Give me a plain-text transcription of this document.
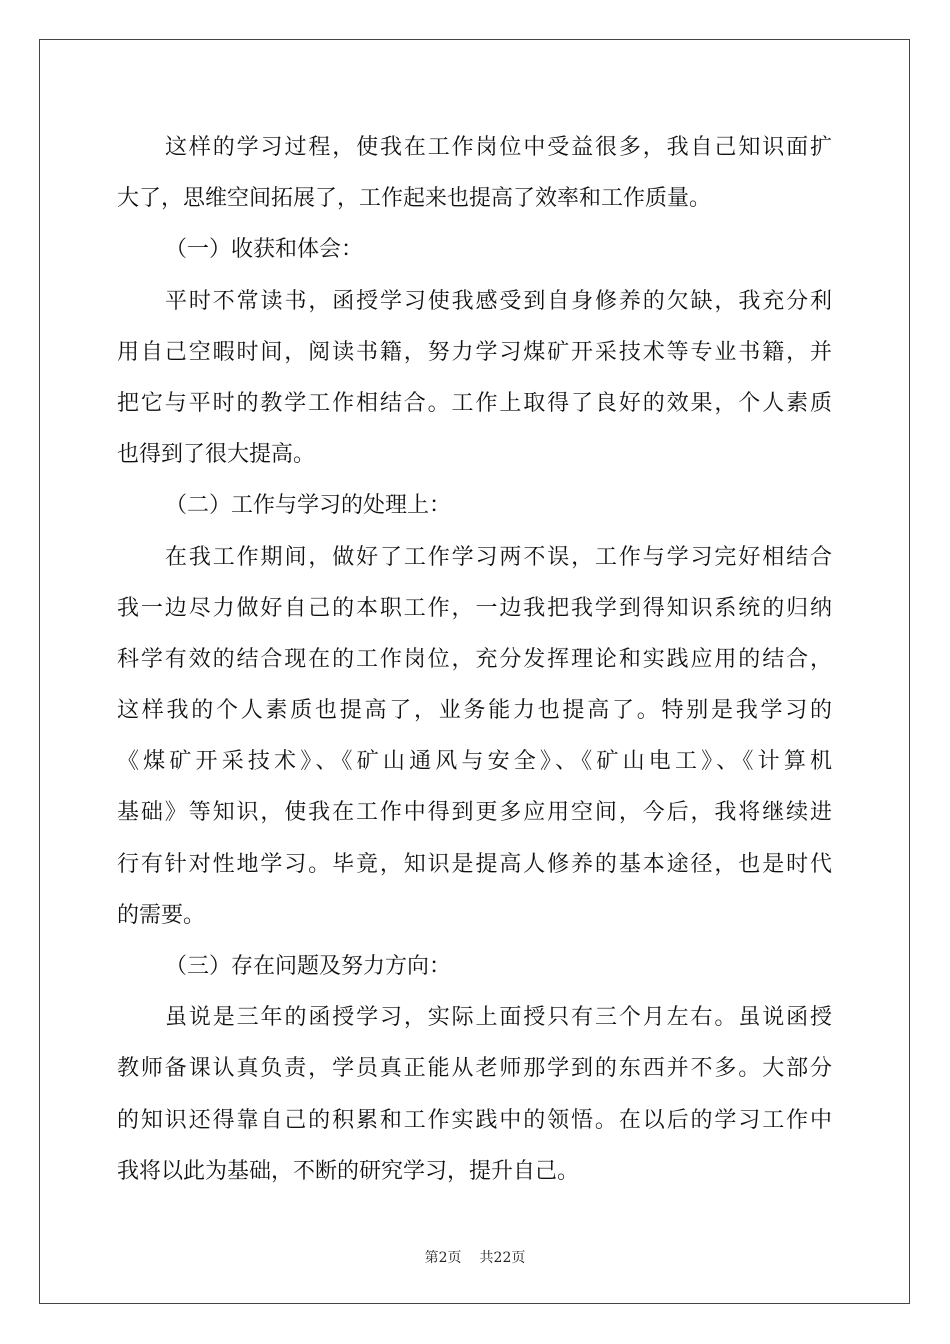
这样的学习过程，使我在工作岗位中受益很多，我自己知识面扩
大了，思维空间拓展了，工作起来也提高了效率和工作质量。
（一）收获和体会：
平时不常读书，函授学习使我感受到自身修养的欠缺，我充分利
用自己空暇时间，阅读书籍，努力学习煤矿开采技术等专业书籍，并
把它与平时的教学工作相结合。工作上取得了良好的效果，个人素质
也得到了很大提高。
（二）工作与学习的处理上：
在我工作期间，做好了工作学习两不误，工作与学习完好相结合
我一边尽力做好自己的本职工作，一边我把我学到得知识系统的归纳
科学有效的结合现在的工作岗位，充分发挥理论和实践应用的结合，
这样我的个人素质也提高了，业务能力也提高了。特别是我学习的
《煤矿开采技术》、《矿山通风与安全》、《矿山电工》、《计算机
基础》等知识，使我在工作中得到更多应用空间，今后，我将继续进
行有针对性地学习。毕竟，知识是提高人修养的基本途径，也是时代
的需要。
（三）存在问题及努力方向：
虽说是三年的函授学习，实际上面授只有三个月左右。虽说函授
教师备课认真负责，学员真正能从老师那学到的东西并不多。大部分
的知识还得靠自己的积累和工作实践中的领悟。在以后的学习工作中
我将以此为基础，不断的研究学习，提升自己。
第2页 共22页
